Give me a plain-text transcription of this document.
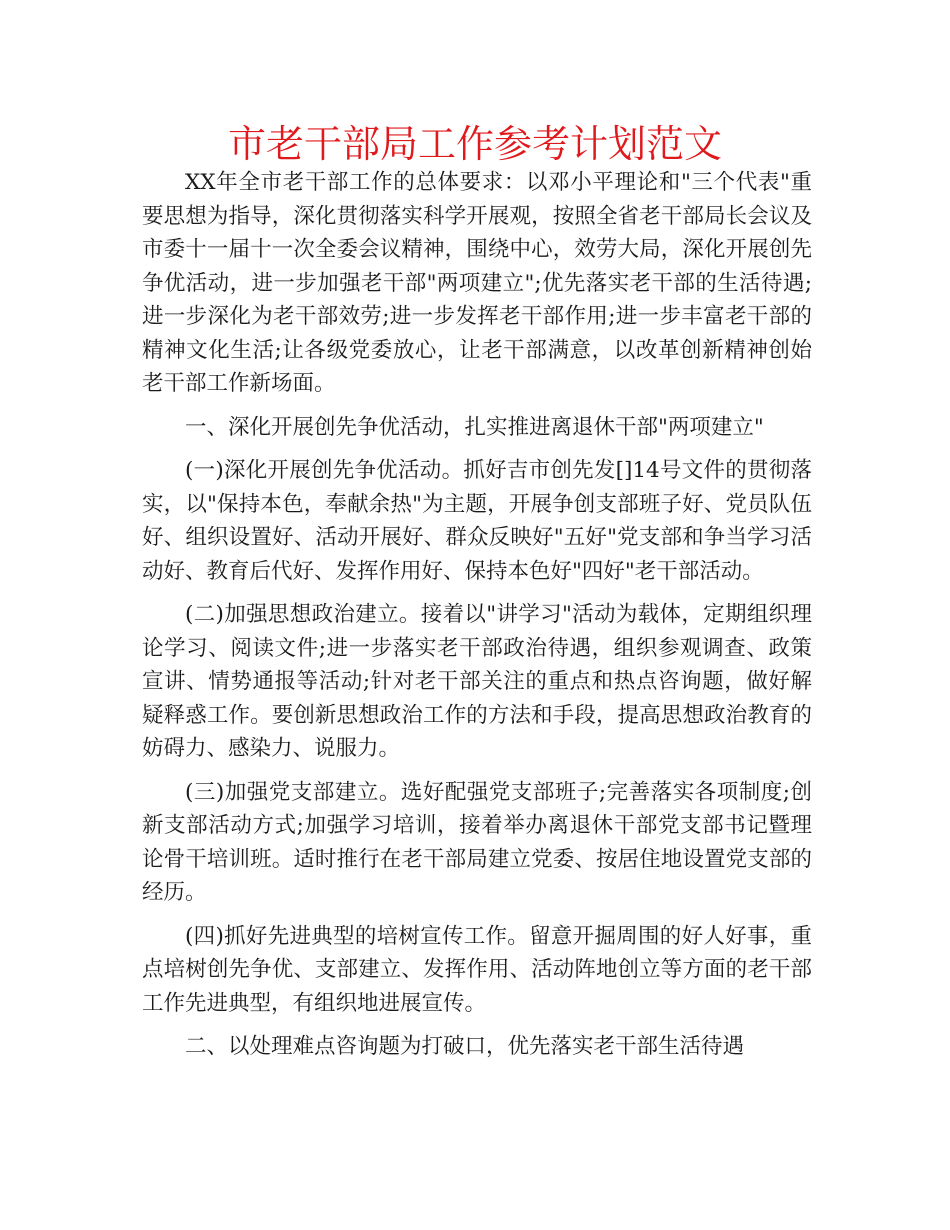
市老干部局工作参考计划范文

XX年全市老干部工作的总体要求：以邓小平理论和"三个代表"重要思想为指导，深化贯彻落实科学开展观，按照全省老干部局长会议及市委十一届十一次全委会议精神，围绕中心，效劳大局，深化开展创先争优活动，进一步加强老干部"两项建立";优先落实老干部的生活待遇;进一步深化为老干部效劳;进一步发挥老干部作用;进一步丰富老干部的精神文化生活;让各级党委放心，让老干部满意，以改革创新精神创始老干部工作新场面。

一、深化开展创先争优活动，扎实推进离退休干部"两项建立"

(一)深化开展创先争优活动。抓好吉市创先发[]14号文件的贯彻落实，以"保持本色，奉献余热"为主题，开展争创支部班子好、党员队伍好、组织设置好、活动开展好、群众反映好"五好"党支部和争当学习活动好、教育后代好、发挥作用好、保持本色好"四好"老干部活动。

(二)加强思想政治建立。接着以"讲学习"活动为载体，定期组织理论学习、阅读文件;进一步落实老干部政治待遇，组织参观调查、政策宣讲、情势通报等活动;针对老干部关注的重点和热点咨询题，做好解疑释惑工作。要创新思想政治工作的方法和手段，提高思想政治教育的妨碍力、感染力、说服力。

(三)加强党支部建立。选好配强党支部班子;完善落实各项制度;创新支部活动方式;加强学习培训，接着举办离退休干部党支部书记暨理论骨干培训班。适时推行在老干部局建立党委、按居住地设置党支部的经历。

(四)抓好先进典型的培树宣传工作。留意开掘周围的好人好事，重点培树创先争优、支部建立、发挥作用、活动阵地创立等方面的老干部工作先进典型，有组织地进展宣传。

二、以处理难点咨询题为打破口，优先落实老干部生活待遇
